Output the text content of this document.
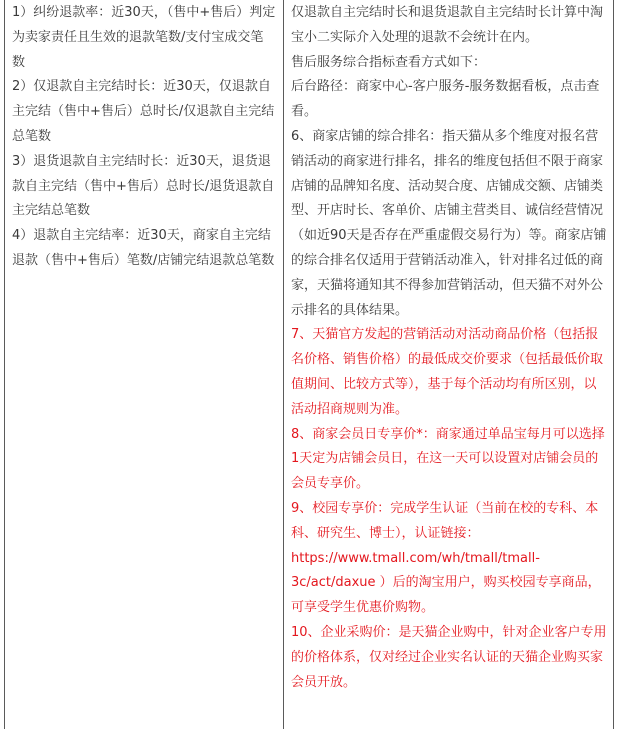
1）纠纷退款率：近30天，（售中+售后）判定为卖家责任且生效的退款笔数/支付宝成交笔数

2）仅退款自主完结时长：近30天，仅退款自主完结（售中+售后）总时长/仅退款自主完结总笔数

3）退货退款自主完结时长：近30天，退货退款自主完结（售中+售后）总时长/退货退款自主完结总笔数

4）退款自主完结率：近30天，商家自主完结退款（售中+售后）笔数/店铺完结退款总笔数

仅退款自主完结时长和退货退款自主完结时长计算中淘宝小二实际介入处理的退款不会统计在内。

售后服务综合指标查看方式如下：

后台路径：商家中心-客户服务-服务数据看板，点击查看。

6、商家店铺的综合排名：指天猫从多个维度对报名营销活动的商家进行排名，排名的维度包括但不限于商家店铺的品牌知名度、活动契合度、店铺成交额、店铺类型、开店时长、客单价、店铺主营类目、诚信经营情况（如近90天是否存在严重虚假交易行为）等。商家店铺的综合排名仅适用于营销活动准入，针对排名过低的商家，天猫将通知其不得参加营销活动，但天猫不对外公示排名的具体结果。

7、天猫官方发起的营销活动对活动商品价格（包括报名价格、销售价格）的最低成交价要求（包括最低价取值期间、比较方式等），基于每个活动均有所区别，以活动招商规则为准。

8、商家会员日专享价*：商家通过单品宝每月可以选择1天定为店铺会员日，在这一天可以设置对店铺会员的会员专享价。

9、校园专享价：完成学生认证（当前在校的专科、本科、研究生、博士），认证链接：https://www.tmall.com/wh/tmall/tmall-3c/act/daxue ）后的淘宝用户，购买校园专享商品，可享受学生优惠价购物。

10、企业采购价：是天猫企业购中，针对企业客户专用的价格体系，仅对经过企业实名认证的天猫企业购买家会员开放。
